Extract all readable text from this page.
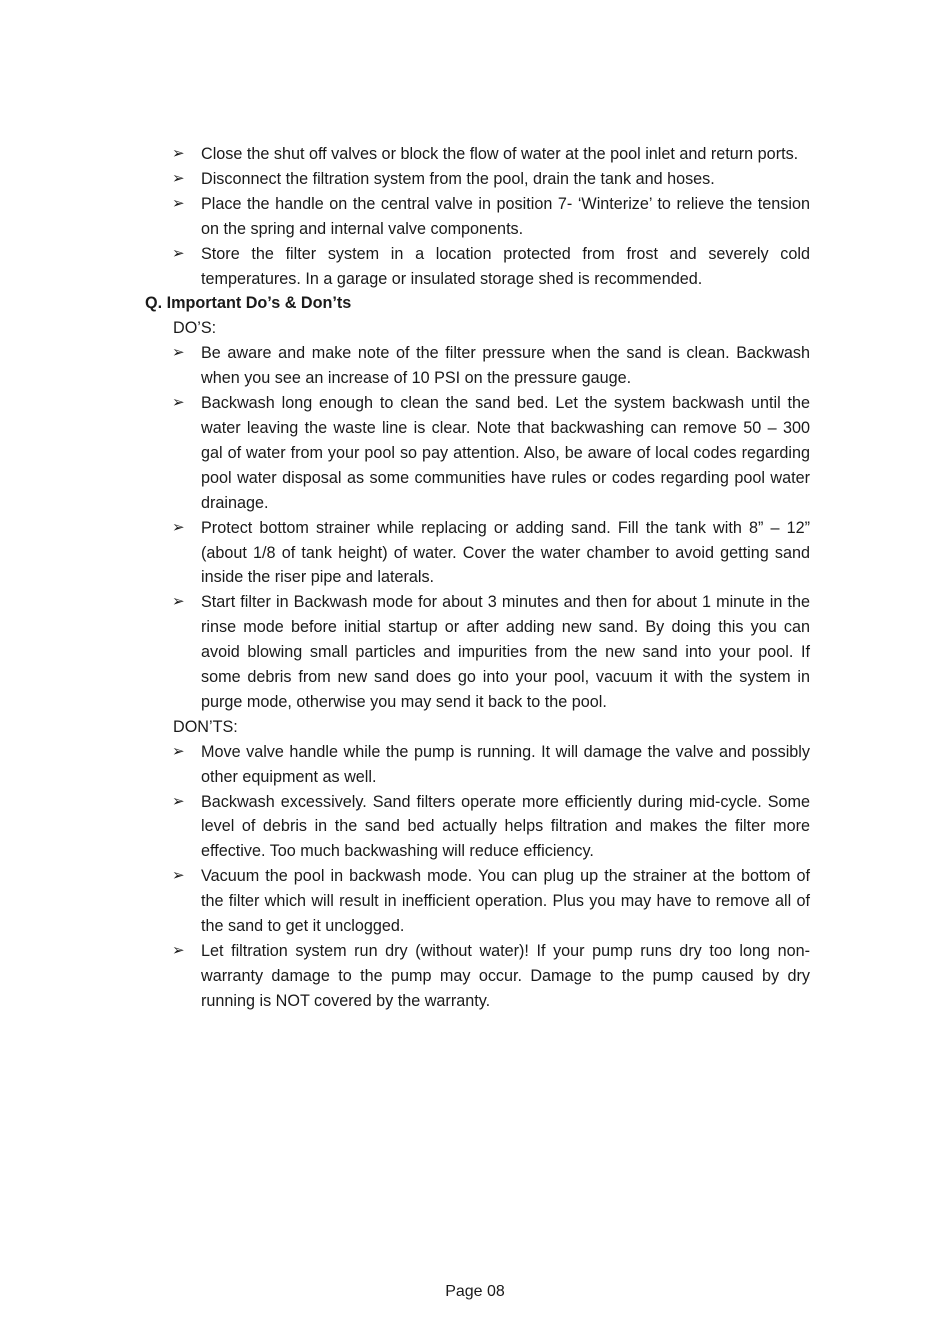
➢ Close the shut off valves or block the flow of water at the pool inlet and return ports.
➢ Disconnect the filtration system from the pool, drain the tank and hoses.
➢ Place the handle on the central valve in position 7- ‘Winterize’ to relieve the tension on the spring and internal valve components.
➢ Store the filter system in a location protected from frost and severely cold temperatures. In a garage or insulated storage shed is recommended.

Q. Important Do’s & Don’ts

DO’S:

➢ Be aware and make note of the filter pressure when the sand is clean. Backwash when you see an increase of 10 PSI on the pressure gauge.
➢ Backwash long enough to clean the sand bed. Let the system backwash until the water leaving the waste line is clear. Note that backwashing can remove 50 – 300 gal of water from your pool so pay attention. Also, be aware of local codes regarding pool water disposal as some communities have rules or codes regarding pool water drainage.
➢ Protect bottom strainer while replacing or adding sand. Fill the tank with 8” – 12” (about 1/8 of tank height) of water. Cover the water chamber to avoid getting sand inside the riser pipe and laterals.
➢ Start filter in Backwash mode for about 3 minutes and then for about 1 minute in the rinse mode before initial startup or after adding new sand. By doing this you can avoid blowing small particles and impurities from the new sand into your pool. If some debris from new sand does go into your pool, vacuum it with the system in purge mode, otherwise you may send it back to the pool.

DON’TS:

➢ Move valve handle while the pump is running. It will damage the valve and possibly other equipment as well.
➢ Backwash excessively. Sand filters operate more efficiently during mid-cycle. Some level of debris in the sand bed actually helps filtration and makes the filter more effective. Too much backwashing will reduce efficiency.
➢ Vacuum the pool in backwash mode. You can plug up the strainer at the bottom of the filter which will result in inefficient operation. Plus you may have to remove all of the sand to get it unclogged.
➢ Let filtration system run dry (without water)! If your pump runs dry too long non-warranty damage to the pump may occur. Damage to the pump caused by dry running is NOT covered by the warranty.
Page 08
